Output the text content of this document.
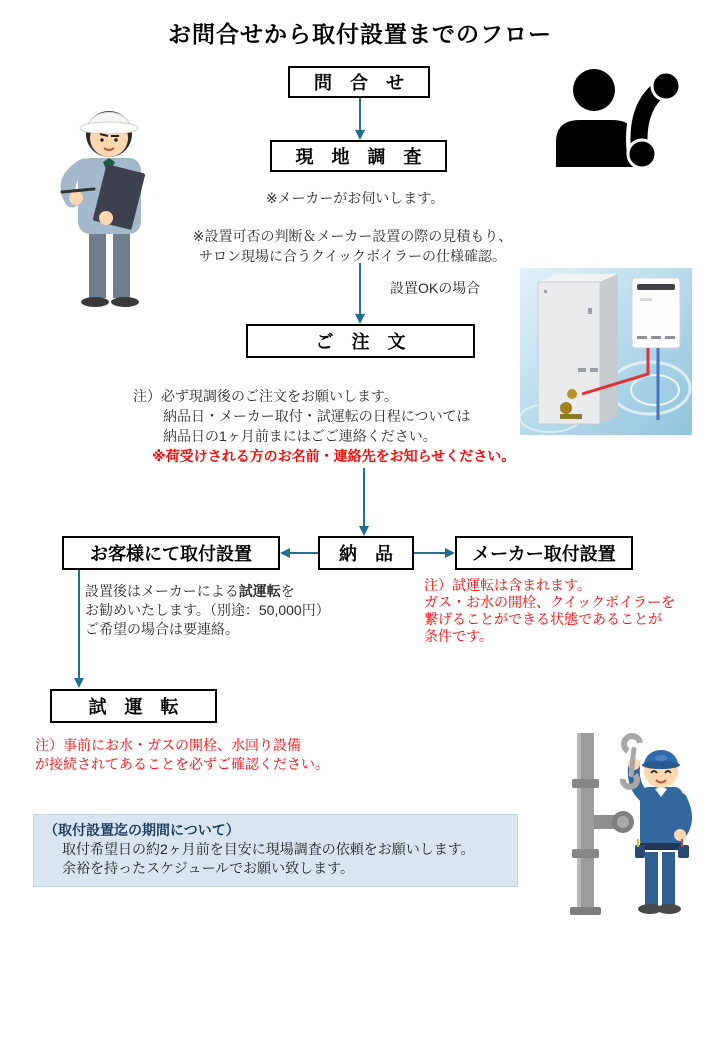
お問合せから取付設置までのフロー
問　合　せ
現　地　調　査
ご　注　文
お客様にて取付設置	納　品	メーカー取付設置
試　運　転
※メーカーがお伺いします。
※設置可否の判断＆メーカー設置の際の見積もり、
サロン現場に合うクイックボイラーの仕様確認。
設置OKの場合
注）必ず現調後のご注文をお願いします。
納品日・メーカー取付・試運転の日程については
納品日の1ヶ月前まにはごご連絡ください。
※荷受けされる方のお名前・連絡先をお知らせください。
設置後はメーカーによる試運転を
お勧めいたします。（別途：50,000円）
ご希望の場合は要連絡。
注）試運転は含まれます。
ガス・お水の開栓、クイックボイラーを
繋げることができる状態であることが
条件です。
注）事前にお水・ガスの開栓、水回り設備
が接続されてあることを必ずご確認ください。
（取付設置迄の期間について）
取付希望日の約2ヶ月前を目安に現場調査の依頼をお願いします。
余裕を持ったスケジュールでお願い致します。
